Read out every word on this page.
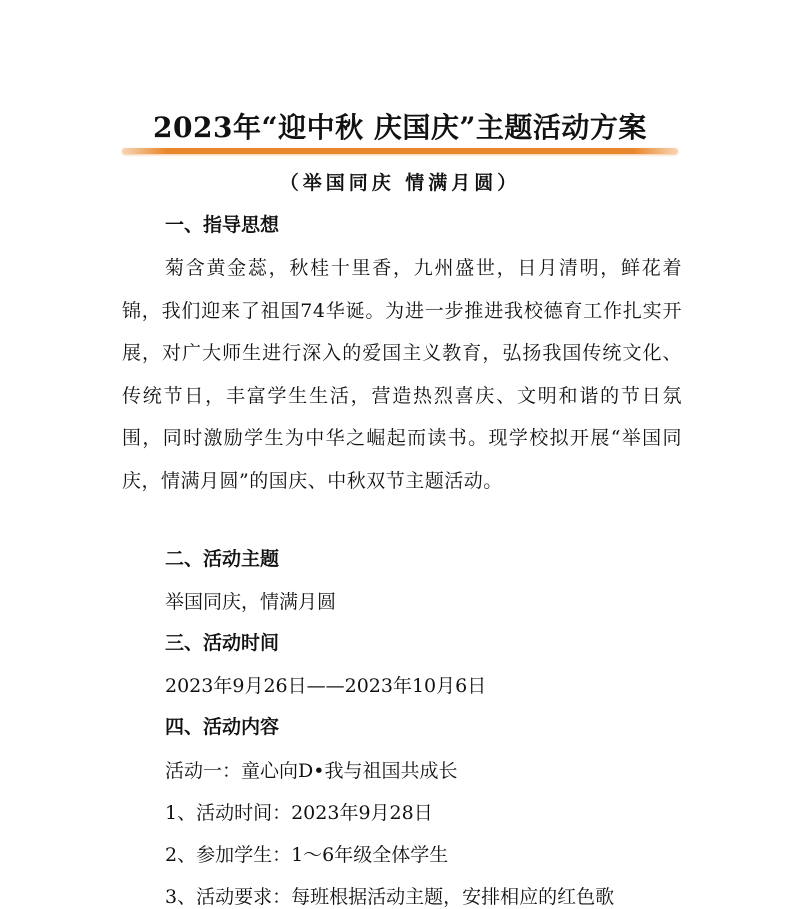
2023年“迎中秋 庆国庆”主题活动方案
（举国同庆 情满月圆）
一、指导思想
菊含黄金蕊，秋桂十里香，九州盛世，日月清明，鲜花着锦，我们迎来了祖国74华诞。为进一步推进我校德育工作扎实开展，对广大师生进行深入的爱国主义教育，弘扬我国传统文化、传统节日，丰富学生生活，营造热烈喜庆、文明和谐的节日氛围，同时激励学生为中华之崛起而读书。现学校拟开展“举国同庆，情满月圆”的国庆、中秋双节主题活动。
二、活动主题
举国同庆，情满月圆
三、活动时间
2023年9月26日——2023年10月6日
四、活动内容
活动一：童心向D•我与祖国共成长
1、活动时间：2023年9月28日
2、参加学生：1～6年级全体学生
3、活动要求：每班根据活动主题，安排相应的红色歌
